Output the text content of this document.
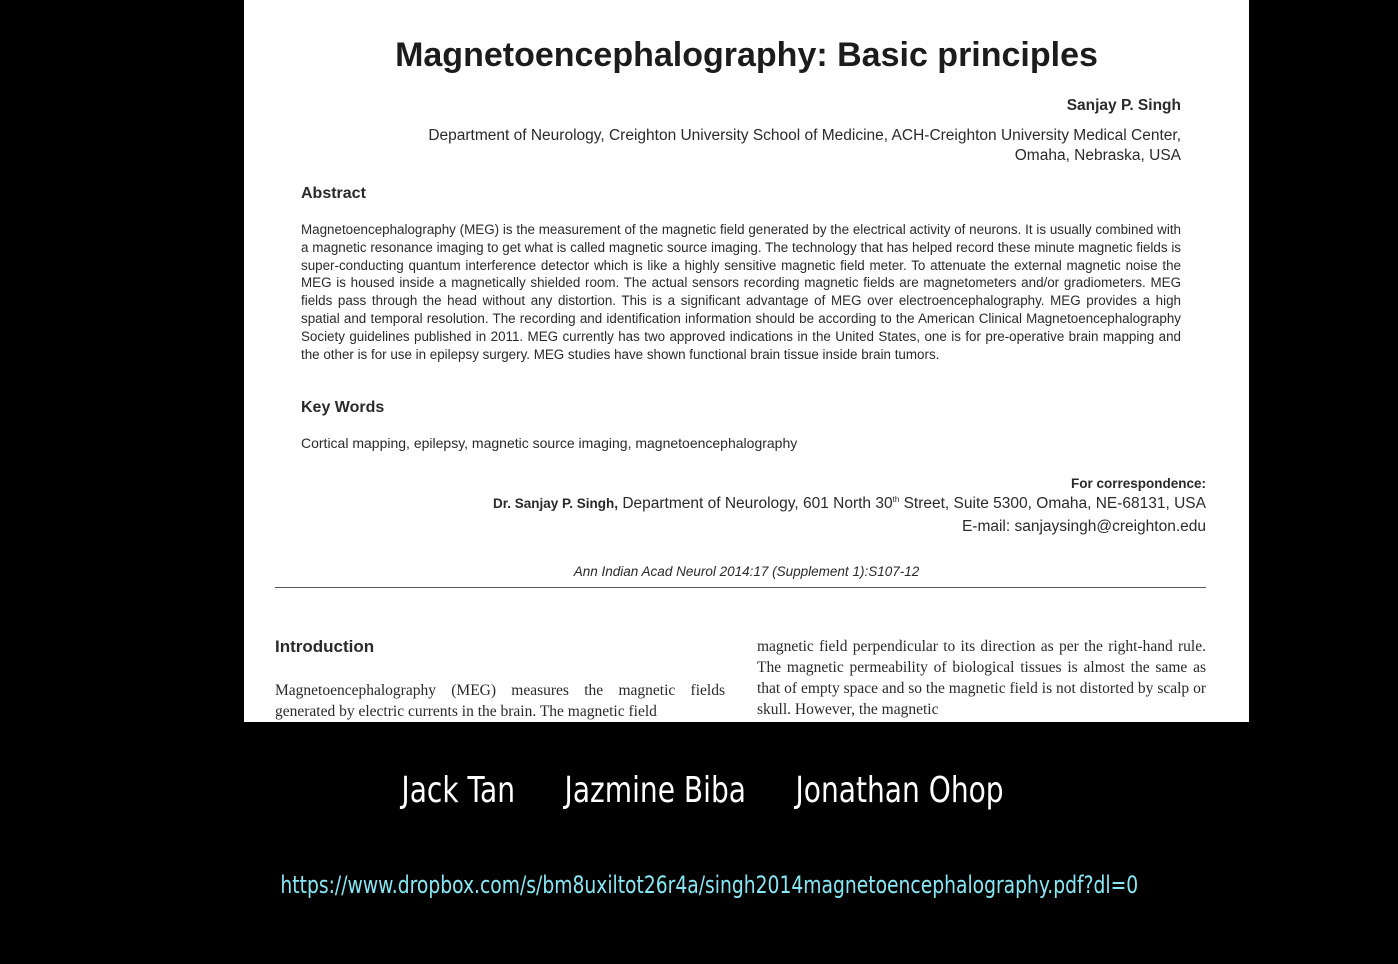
Magnetoencephalography: Basic principles
Sanjay P. Singh
Department of Neurology, Creighton University School of Medicine, ACH-Creighton University Medical Center,
Omaha, Nebraska, USA
Abstract
Magnetoencephalography (MEG) is the measurement of the magnetic field generated by the electrical activity of neurons. It is usually combined with a magnetic resonance imaging to get what is called magnetic source imaging. The technology that has helped record these minute magnetic fields is super-conducting quantum interference detector which is like a highly sensitive magnetic field meter. To attenuate the external magnetic noise the MEG is housed inside a magnetically shielded room. The actual sensors recording magnetic fields are magnetometers and/or gradiometers. MEG fields pass through the head without any distortion. This is a significant advantage of MEG over electroencephalography. MEG provides a high spatial and temporal resolution. The recording and identification information should be according to the American Clinical Magnetoencephalography Society guidelines published in 2011. MEG currently has two approved indications in the United States, one is for pre-operative brain mapping and the other is for use in epilepsy surgery. MEG studies have shown functional brain tissue inside brain tumors.
Key Words
Cortical mapping, epilepsy, magnetic source imaging, magnetoencephalography
For correspondence:
Dr. Sanjay P. Singh, Department of Neurology, 601 North 30th Street, Suite 5300, Omaha, NE-68131, USA
E-mail: sanjaysingh@creighton.edu
Ann Indian Acad Neurol 2014:17 (Supplement 1):S107-12
Introduction
Magnetoencephalography (MEG) measures the magnetic fields generated by electric currents in the brain. The magnetic field
magnetic field perpendicular to its direction as per the right-hand rule. The magnetic permeability of biological tissues is almost the same as that of empty space and so the magnetic field is not distorted by scalp or skull. However, the magnetic
Jack Tan Jazmine Biba Jonathan Ohop
https://www.dropbox.com/s/bm8uxiltot26r4a/singh2014magnetoencephalography.pdf?dl=0
